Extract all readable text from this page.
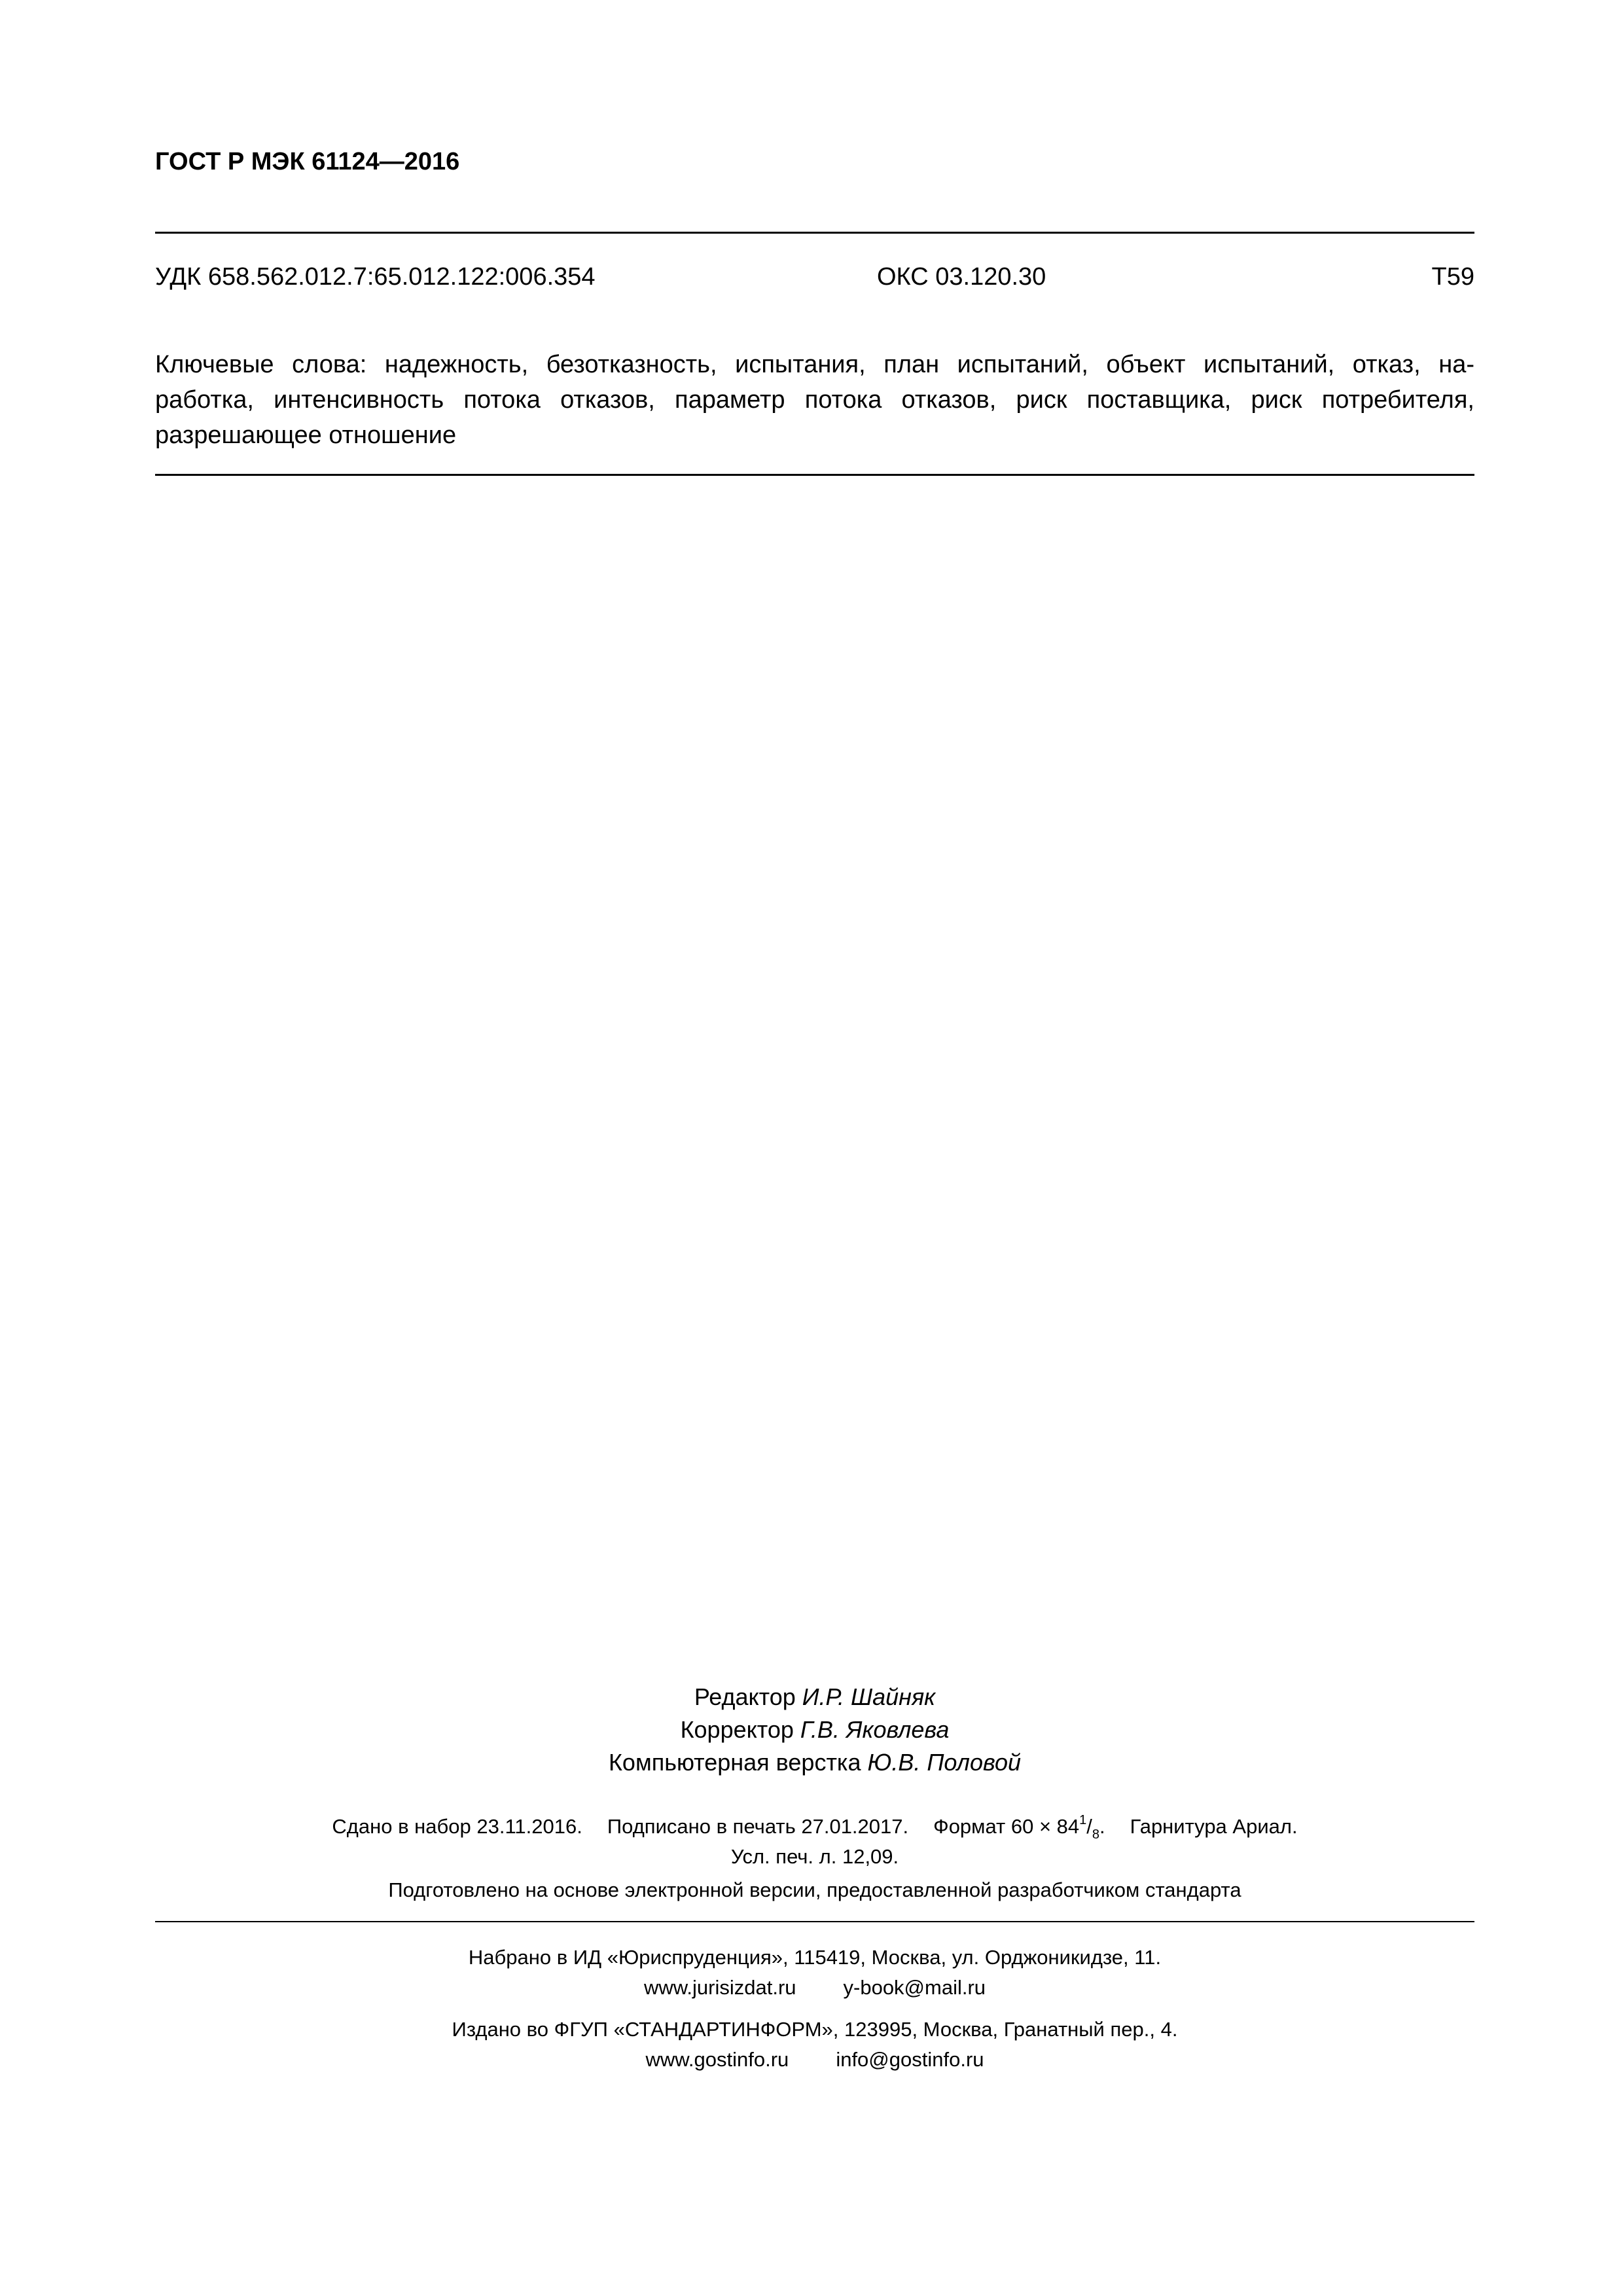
ГОСТ Р МЭК 61124—2016
УДК 658.562.012.7:65.012.122:006.354	ОКС 03.120.30	Т59
Ключевые слова: надежность, безотказность, испытания, план испытаний, объект испытаний, отказ, на-
работка, интенсивность потока отказов, параметр потока отказов, риск поставщика, риск потребителя,
разрешающее отношение
Редактор И.Р. Шайняк
Корректор Г.В. Яковлева
Компьютерная верстка Ю.В. Половой
Сдано в набор 23.11.2016. Подписано в печать 27.01.2017. Формат $60 \times 84^1/_8$. Гарнитура Ариал.
Усл. печ. л. 12,09.
Подготовлено на основе электронной версии, предоставленной разработчиком стандарта
Набрано в ИД «Юриспруденция», 115419, Москва, ул. Орджоникидзе, 11.
www.jurisizdat.ru y-book@mail.ru
Издано во ФГУП «СТАНДАРТИНФОРМ», 123995, Москва, Гранатный пер., 4.
www.gostinfo.ru info@gostinfo.ru
